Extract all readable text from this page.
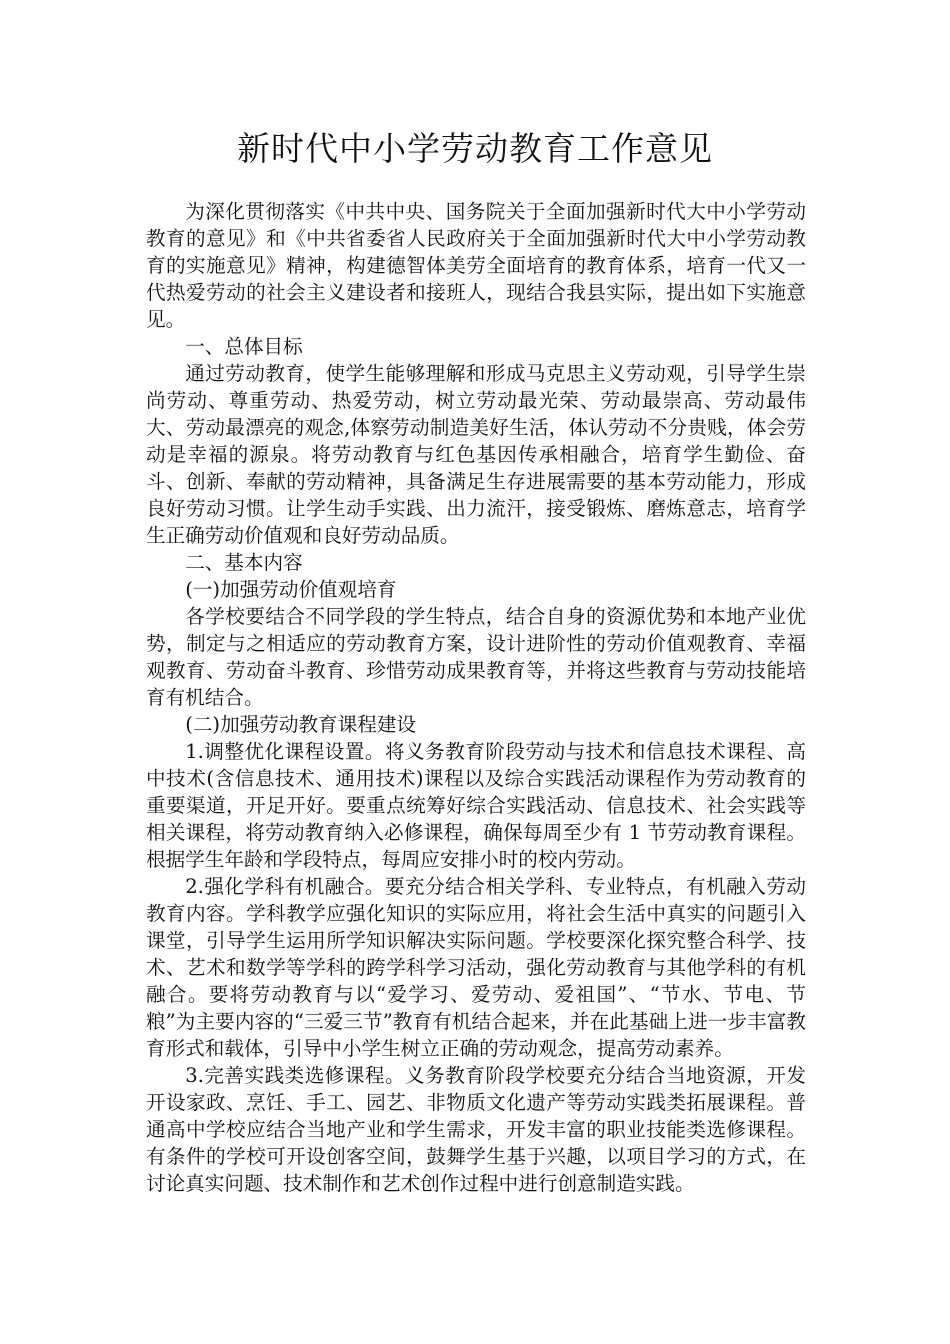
新时代中小学劳动教育工作意见

为深化贯彻落实《中共中央、国务院关于全面加强新时代大中小学劳动教育的意见》和《中共省委省人民政府关于全面加强新时代大中小学劳动教育的实施意见》精神，构建德智体美劳全面培育的教育体系，培育一代又一代热爱劳动的社会主义建设者和接班人，现结合我县实际，提出如下实施意见。

一、总体目标

通过劳动教育，使学生能够理解和形成马克思主义劳动观，引导学生崇尚劳动、尊重劳动、热爱劳动，树立劳动最光荣、劳动最崇高、劳动最伟大、劳动最漂亮的观念,体察劳动制造美好生活，体认劳动不分贵贱，体会劳动是幸福的源泉。将劳动教育与红色基因传承相融合，培育学生勤俭、奋斗、创新、奉献的劳动精神，具备满足生存进展需要的基本劳动能力，形成良好劳动习惯。让学生动手实践、出力流汗，接受锻炼、磨炼意志，培育学生正确劳动价值观和良好劳动品质。

二、基本内容

(一)加强劳动价值观培育

各学校要结合不同学段的学生特点，结合自身的资源优势和本地产业优势，制定与之相适应的劳动教育方案，设计进阶性的劳动价值观教育、幸福观教育、劳动奋斗教育、珍惜劳动成果教育等，并将这些教育与劳动技能培育有机结合。

(二)加强劳动教育课程建设

1.调整优化课程设置。将义务教育阶段劳动与技术和信息技术课程、高中技术(含信息技术、通用技术)课程以及综合实践活动课程作为劳动教育的重要渠道，开足开好。要重点统筹好综合实践活动、信息技术、社会实践等相关课程，将劳动教育纳入必修课程，确保每周至少有 1 节劳动教育课程。根据学生年龄和学段特点，每周应安排小时的校内劳动。

2.强化学科有机融合。要充分结合相关学科、专业特点，有机融入劳动教育内容。学科教学应强化知识的实际应用，将社会生活中真实的问题引入课堂，引导学生运用所学知识解决实际问题。学校要深化探究整合科学、技术、艺术和数学等学科的跨学科学习活动，强化劳动教育与其他学科的有机融合。要将劳动教育与以“爱学习、爱劳动、爱祖国”、“节水、节电、节粮”为主要内容的“三爱三节”教育有机结合起来，并在此基础上进一步丰富教育形式和载体，引导中小学生树立正确的劳动观念，提高劳动素养。

3.完善实践类选修课程。义务教育阶段学校要充分结合当地资源，开发开设家政、烹饪、手工、园艺、非物质文化遗产等劳动实践类拓展课程。普通高中学校应结合当地产业和学生需求，开发丰富的职业技能类选修课程。有条件的学校可开设创客空间，鼓舞学生基于兴趣，以项目学习的方式，在讨论真实问题、技术制作和艺术创作过程中进行创意制造实践。
